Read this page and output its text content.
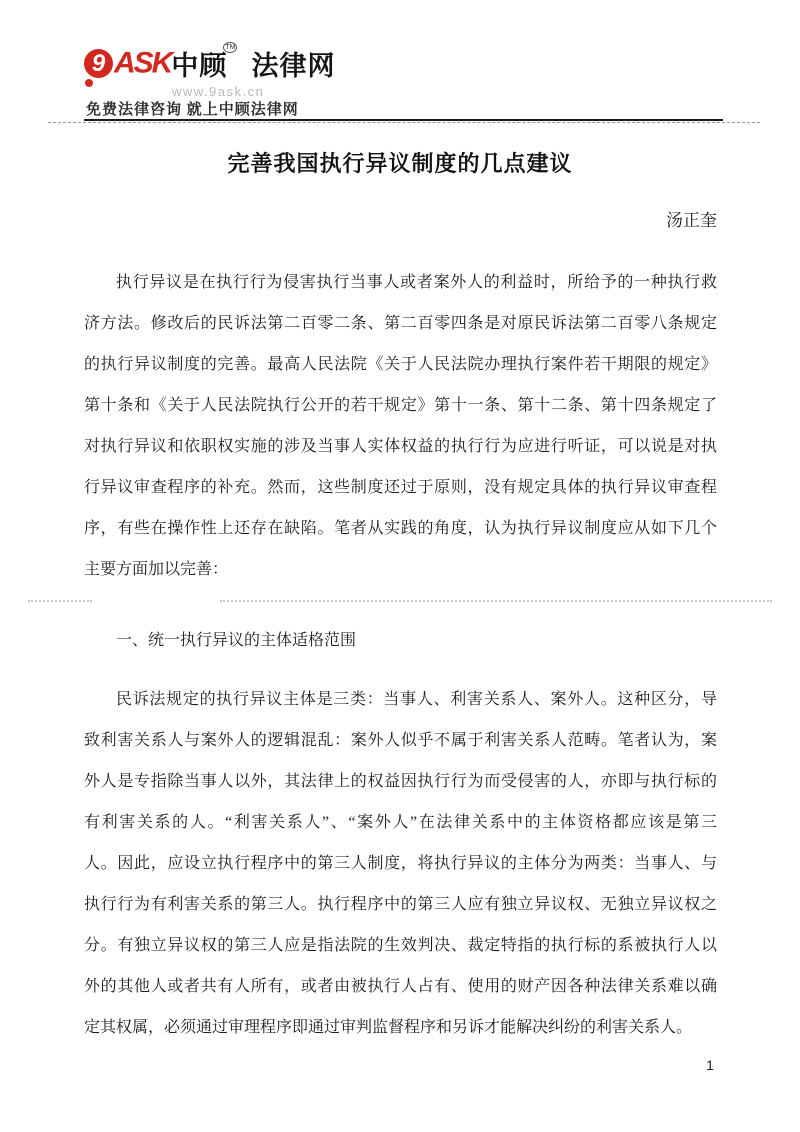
9 ASK中顾TM法律网
www.9ask.cn
免费法律咨询 就上中顾法律网
完善我国执行异议制度的几点建议
汤正奎
执行异议是在执行行为侵害执行当事人或者案外人的利益时，所给予的一种执行救
济方法。修改后的民诉法第二百零二条、第二百零四条是对原民诉法第二百零八条规定
的执行异议制度的完善。最高人民法院《关于人民法院办理执行案件若干期限的规定》
第十条和《关于人民法院执行公开的若干规定》第十一条、第十二条、第十四条规定了
对执行异议和依职权实施的涉及当事人实体权益的执行行为应进行听证，可以说是对执
行异议审查程序的补充。然而，这些制度还过于原则，没有规定具体的执行异议审查程
序，有些在操作性上还存在缺陷。笔者从实践的角度，认为执行异议制度应从如下几个
主要方面加以完善：
一、统一执行异议的主体适格范围
民诉法规定的执行异议主体是三类：当事人、利害关系人、案外人。这种区分，导
致利害关系人与案外人的逻辑混乱：案外人似乎不属于利害关系人范畴。笔者认为，案
外人是专指除当事人以外，其法律上的权益因执行行为而受侵害的人，亦即与执行标的
有利害关系的人。“利害关系人”、“案外人”在法律关系中的主体资格都应该是第三
人。因此，应设立执行程序中的第三人制度，将执行异议的主体分为两类：当事人、与
执行行为有利害关系的第三人。执行程序中的第三人应有独立异议权、无独立异议权之
分。有独立异议权的第三人应是指法院的生效判决、裁定特指的执行标的系被执行人以
外的其他人或者共有人所有，或者由被执行人占有、使用的财产因各种法律关系难以确
定其权属，必须通过审理程序即通过审判监督程序和另诉才能解决纠纷的利害关系人。
1
